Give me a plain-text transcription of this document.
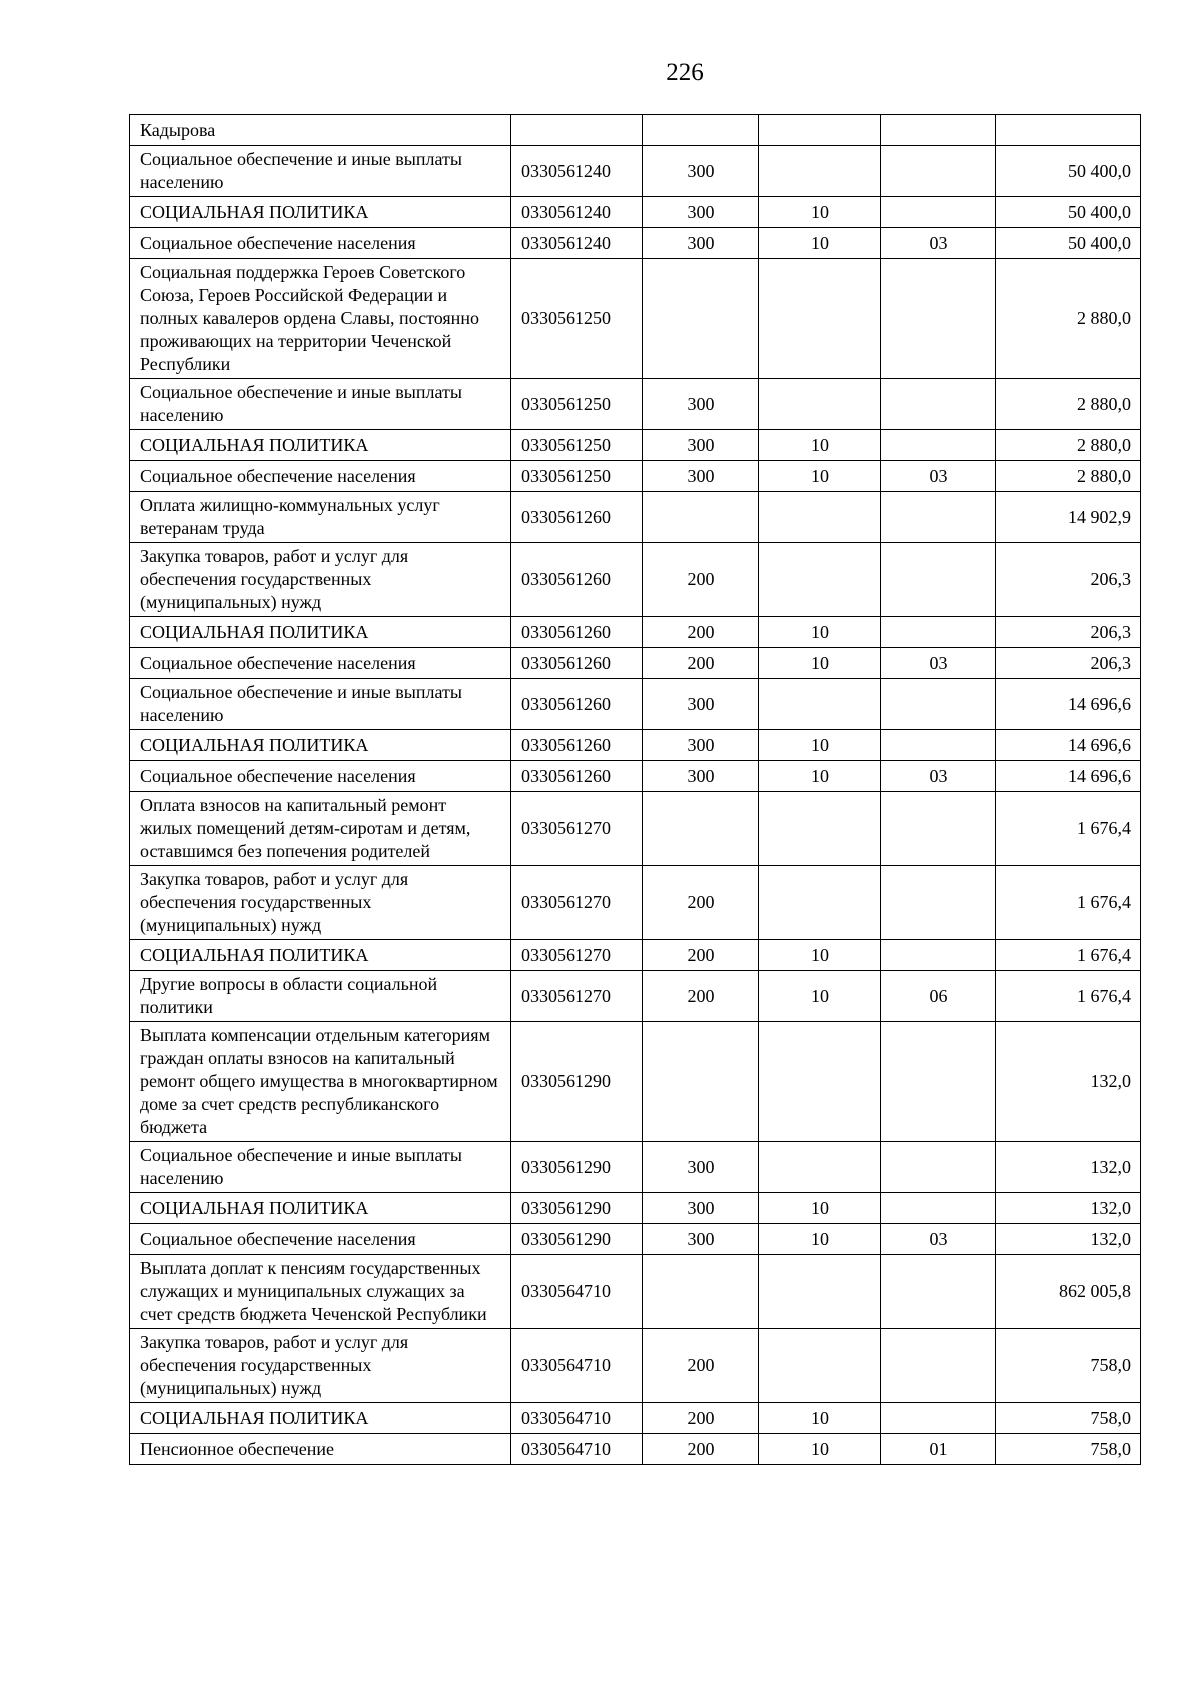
226
Кадырова					
Социальное обеспечение и иные выплаты населению	0330561240	300			50 400,0
СОЦИАЛЬНАЯ ПОЛИТИКА	0330561240	300	10		50 400,0
Социальное обеспечение населения	0330561240	300	10	03	50 400,0
Социальная поддержка Героев Советского Союза, Героев Российской Федерации и полных кавалеров ордена Славы, постоянно проживающих на территории Чеченской Республики	0330561250				2 880,0
Социальное обеспечение и иные выплаты населению	0330561250	300			2 880,0
СОЦИАЛЬНАЯ ПОЛИТИКА	0330561250	300	10		2 880,0
Социальное обеспечение населения	0330561250	300	10	03	2 880,0
Оплата жилищно-коммунальных услуг ветеранам труда	0330561260				14 902,9
Закупка товаров, работ и услуг для обеспечения государственных (муниципальных) нужд	0330561260	200			206,3
СОЦИАЛЬНАЯ ПОЛИТИКА	0330561260	200	10		206,3
Социальное обеспечение населения	0330561260	200	10	03	206,3
Социальное обеспечение и иные выплаты населению	0330561260	300			14 696,6
СОЦИАЛЬНАЯ ПОЛИТИКА	0330561260	300	10		14 696,6
Социальное обеспечение населения	0330561260	300	10	03	14 696,6
Оплата взносов на капитальный ремонт жилых помещений детям-сиротам и детям, оставшимся без попечения родителей	0330561270				1 676,4
Закупка товаров, работ и услуг для обеспечения государственных (муниципальных) нужд	0330561270	200			1 676,4
СОЦИАЛЬНАЯ ПОЛИТИКА	0330561270	200	10		1 676,4
Другие вопросы в области социальной политики	0330561270	200	10	06	1 676,4
Выплата компенсации отдельным категориям граждан оплаты взносов на капитальный ремонт общего имущества в многоквартирном доме за счет средств республиканского бюджета	0330561290				132,0
Социальное обеспечение и иные выплаты населению	0330561290	300			132,0
СОЦИАЛЬНАЯ ПОЛИТИКА	0330561290	300	10		132,0
Социальное обеспечение населения	0330561290	300	10	03	132,0
Выплата доплат к пенсиям государственных служащих и муниципальных служащих за счет средств бюджета Чеченской Республики	0330564710				862 005,8
Закупка товаров, работ и услуг для обеспечения государственных (муниципальных) нужд	0330564710	200			758,0
СОЦИАЛЬНАЯ ПОЛИТИКА	0330564710	200	10		758,0
Пенсионное обеспечение	0330564710	200	10	01	758,0
